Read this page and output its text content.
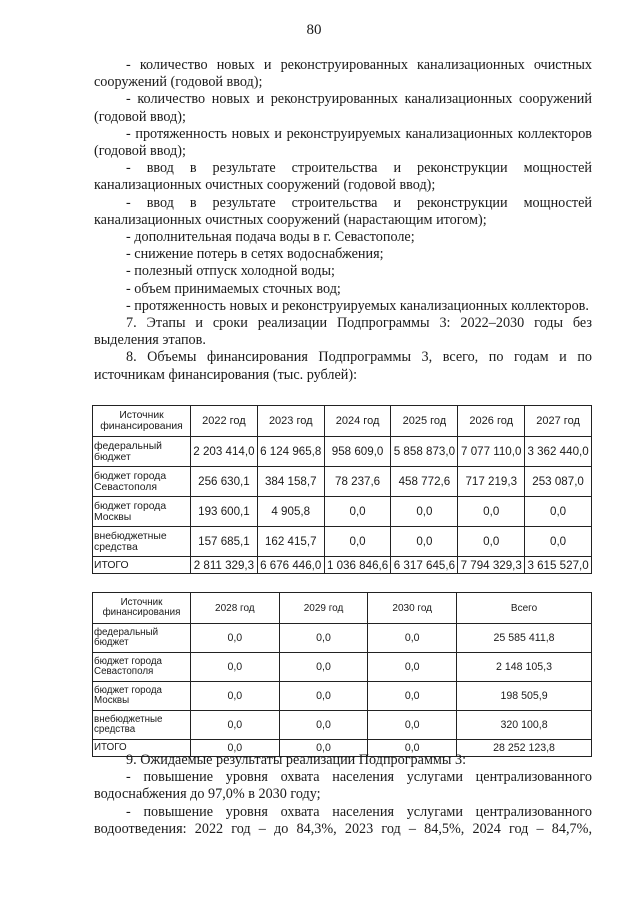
80

- количество новых и реконструированных канализационных очистных сооружений (годовой ввод);

- количество новых и реконструированных канализационных сооружений (годовой ввод);

- протяженность новых и реконструируемых канализационных коллекторов (годовой ввод);

- ввод в результате строительства и реконструкции мощностей канализационных очистных сооружений (годовой ввод);

- ввод в результате строительства и реконструкции мощностей канализационных очистных сооружений (нарастающим итогом);

- дополнительная подача воды в г. Севастополе;

- снижение потерь в сетях водоснабжения;

- полезный отпуск холодной воды;

- объем принимаемых сточных вод;

- протяженность новых и реконструируемых канализационных коллекторов.

7. Этапы и сроки реализации Подпрограммы 3: 2022–2030 годы без выделения этапов.

8. Объемы финансирования Подпрограммы 3, всего, по годам и по источникам финансирования (тыс. рублей):

Источник финансирования	2022 год	2023 год	2024 год	2025 год	2026 год	2027 год
федеральный бюджет	2 203 414,0	6 124 965,8	958 609,0	5 858 873,0	7 077 110,0	3 362 440,0
бюджет города Севастополя	256 630,1	384 158,7	78 237,6	458 772,6	717 219,3	253 087,0
бюджет города Москвы	193 600,1	4 905,8	0,0	0,0	0,0	0,0
внебюджетные средства	157 685,1	162 415,7	0,0	0,0	0,0	0,0
ИТОГО	2 811 329,3	6 676 446,0	1 036 846,6	6 317 645,6	7 794 329,3	3 615 527,0
Источник финансирования	2028 год	2029 год	2030 год	Всего
федеральный бюджет	0,0	0,0	0,0	25 585 411,8
бюджет города Севастополя	0,0	0,0	0,0	2 148 105,3
бюджет города Москвы	0,0	0,0	0,0	198 505,9
внебюджетные средства	0,0	0,0	0,0	320 100,8
ИТОГО	0,0	0,0	0,0	28 252 123,8

9. Ожидаемые результаты реализации Подпрограммы 3:

- повышение уровня охвата населения услугами централизованного водоснабжения до 97,0% в 2030 году;

- повышение уровня охвата населения услугами централизованного водоотведения: 2022 год – до 84,3%, 2023 год – 84,5%, 2024 год – 84,7%,
